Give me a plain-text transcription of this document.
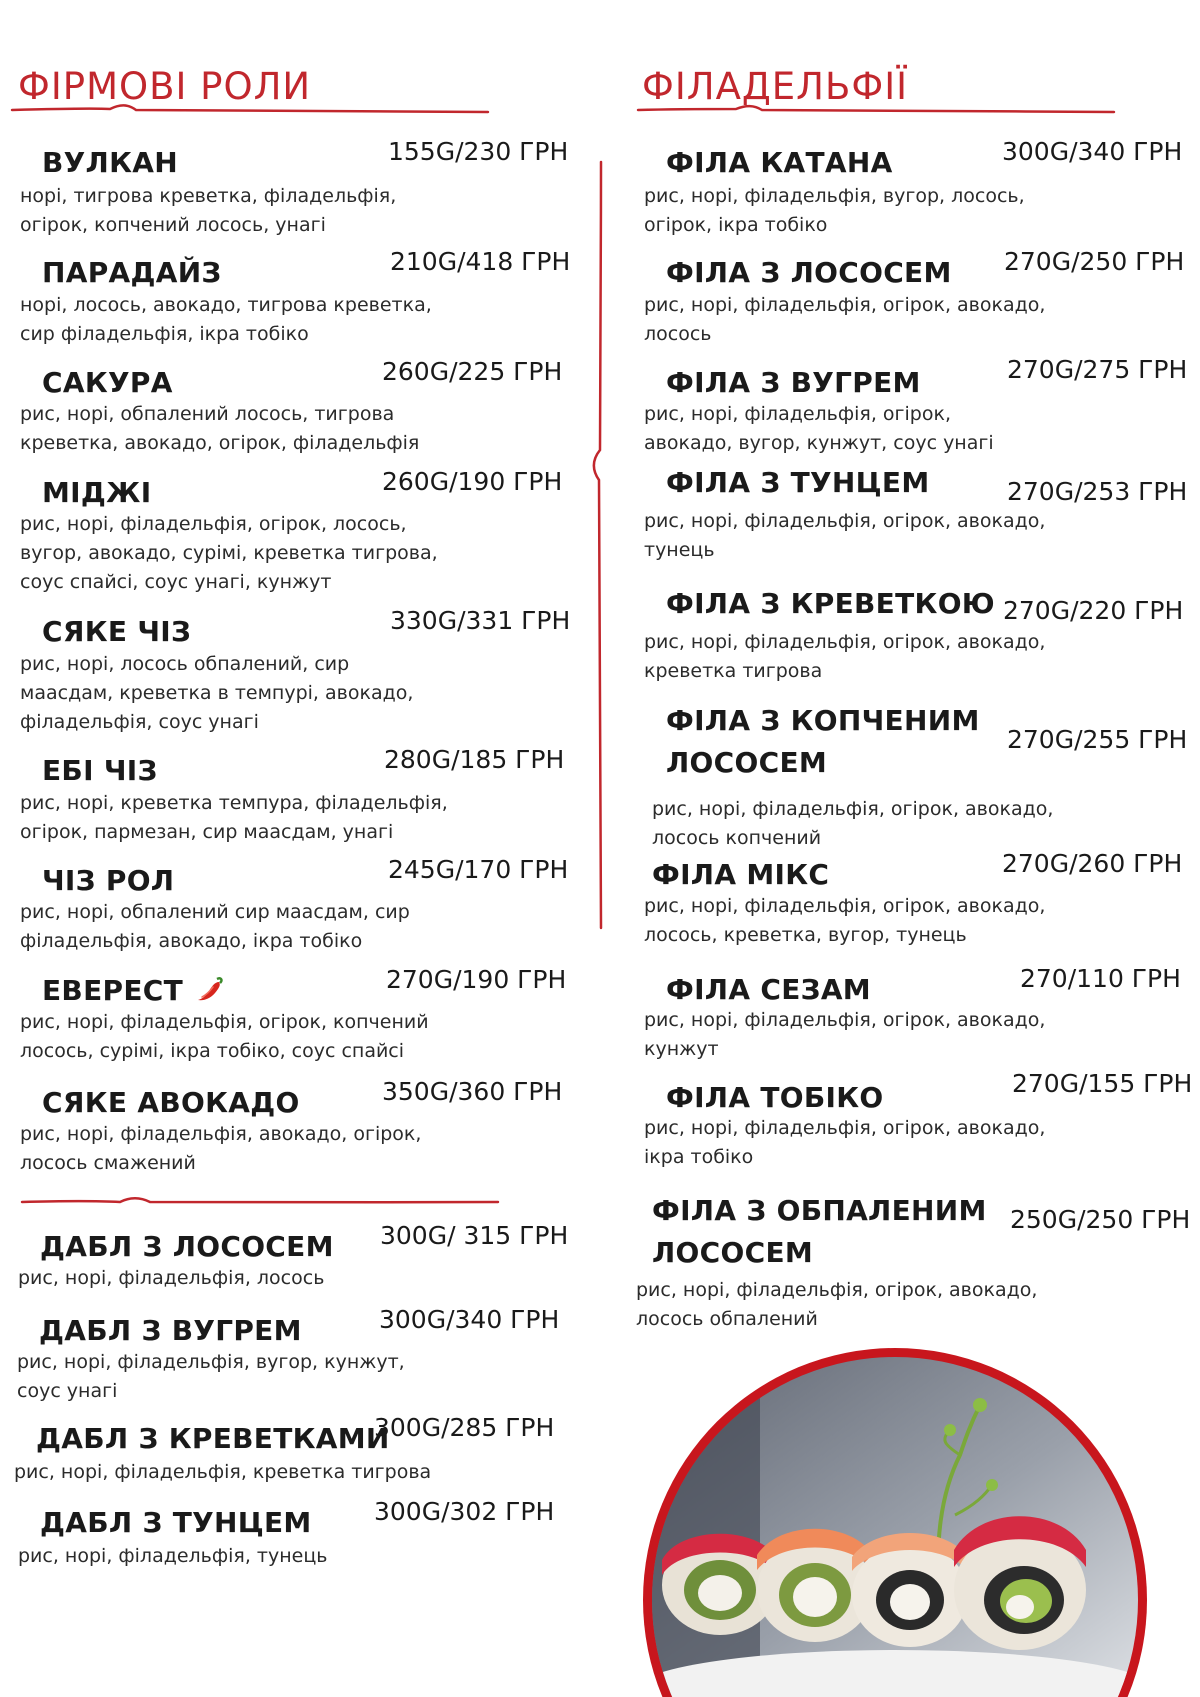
ФІРМОВІ РОЛИ	ФІЛАДЕЛЬФІЇ
ВУЛКАН	155G/230 ГРН
норі, тигрова креветка, філадельфія,
огірок, копчений лосось, унагі
ПАРАДАЙЗ	210G/418 ГРН
норі, лосось, авокадо, тигрова креветка,
сир філадельфія, ікра тобіко
САКУРА	260G/225 ГРН
рис, норі, обпалений лосось, тигрова
креветка, авокадо, огірок, філадельфія
МІДЖІ	260G/190 ГРН
рис, норі, філадельфія, огірок, лосось,
вугор, авокадо, сурімі, креветка тигрова,
соус спайсі, соус унагі, кунжут
СЯКЕ ЧІЗ	330G/331 ГРН
рис, норі, лосось обпалений, сир
маасдам, креветка в темпурі, авокадо,
філадельфія, соус унагі
ЕБІ ЧІЗ	280G/185 ГРН
рис, норі, креветка темпура, філадельфія,
огірок, пармезан, сир маасдам, унагі
ЧІЗ РОЛ	245G/170 ГРН
рис, норі, обпалений сир маасдам, сир
філадельфія, авокадо, ікра тобіко
ЕВЕРЕСТ	270G/190 ГРН
рис, норі, філадельфія, огірок, копчений
лосось, сурімі, ікра тобіко, соус спайсі
СЯКЕ АВОКАДО	350G/360 ГРН
рис, норі, філадельфія, авокадо, огірок,
лосось смажений
ДАБЛ З ЛОСОСЕМ 300G/ 315 ГРН
рис, норі, філадельфія, лосось
ДАБЛ З ВУГРЕМ	300G/340 ГРН
рис, норі, філадельфія, вугор, кунжут,
соус унагі
ДАБЛ З КРЕВЕТКАМИ
300G/285 ГРН
рис, норі, філадельфія, креветка тигрова
ДАБЛ З ТУНЦЕМ 300G/302 ГРН
рис, норі, філадельфія, тунець
ФІЛА КАТАНА	300G/340 ГРН
рис, норі, філадельфія, вугор, лосось,
огірок, ікра тобіко
ФІЛА З ЛОСОСЕМ 270G/250 ГРН
рис, норі, філадельфія, огірок, авокадо,
лосось
ФІЛА З ВУГРЕМ	270G/275 ГРН
рис, норі, філадельфія, огірок,
авокадо, вугор, кунжут, соус унагі
ФІЛА З ТУНЦЕМ	270G/253 ГРН
рис, норі, філадельфія, огірок, авокадо,
тунець
ФІЛА З КРЕВЕТКОЮ 270G/220 ГРН
рис, норі, філадельфія, огірок, авокадо,
креветка тигрова
ФІЛА З КОПЧЕНИМ
ЛОСОСЕМ
270G/255 ГРН
рис, норі, філадельфія, огірок, авокадо,
лосось копчений
ФІЛА МІКС	270G/260 ГРН
рис, норі, філадельфія, огірок, авокадо,
лосось, креветка, вугор, тунець
ФІЛА СЕЗАМ	270/110 ГРН
рис, норі, філадельфія, огірок, авокадо,
кунжут
ФІЛА ТОБІКО	270G/155 ГРН
рис, норі, філадельфія, огірок, авокадо,
ікра тобіко
ФІЛА З ОБПАЛЕНИМ
ЛОСОСЕМ
250G/250 ГРН
рис, норі, філадельфія, огірок, авокадо,
лосось обпалений
